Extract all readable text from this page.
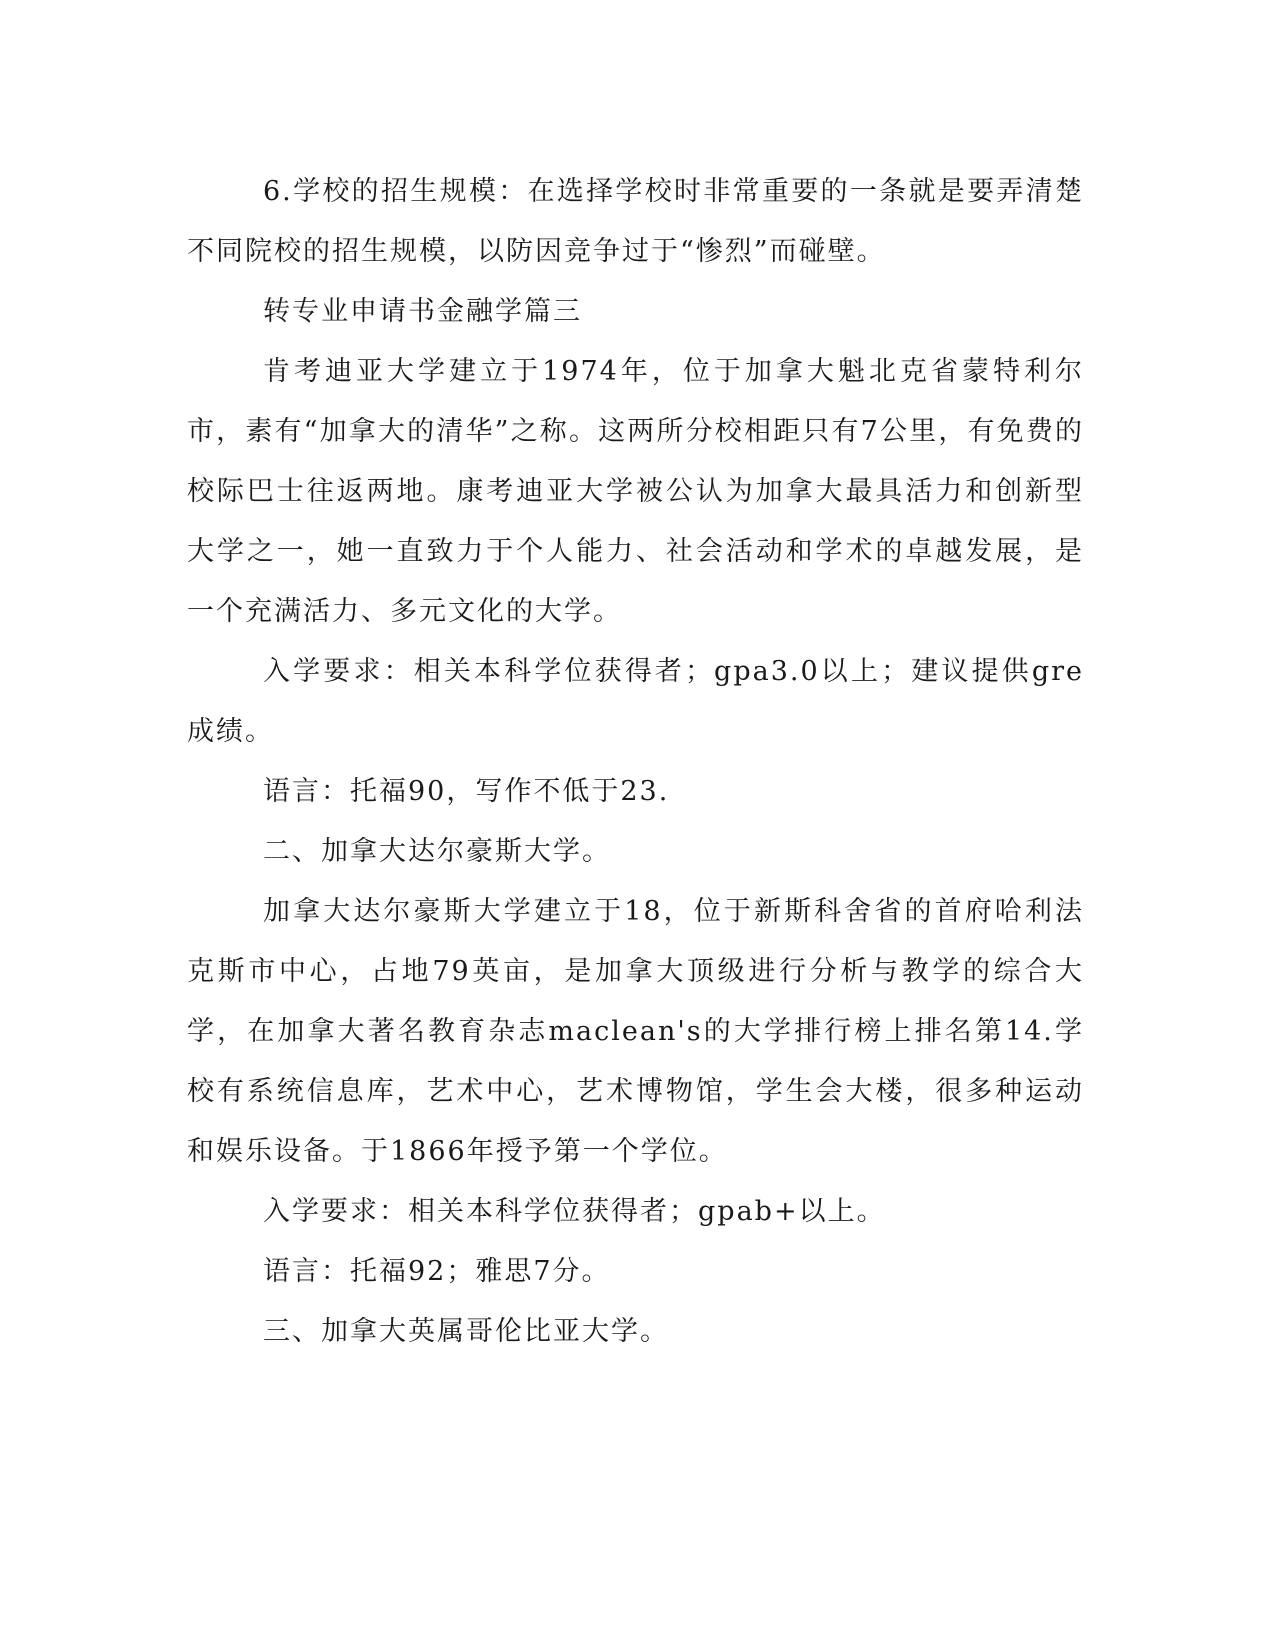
6.学校的招生规模：在选择学校时非常重要的一条就是要弄清楚不同院校的招生规模，以防因竞争过于“惨烈”而碰壁。

转专业申请书金融学篇三

肯考迪亚大学建立于1974年，位于加拿大魁北克省蒙特利尔市，素有“加拿大的清华”之称。这两所分校相距只有7公里，有免费的校际巴士往返两地。康考迪亚大学被公认为加拿大最具活力和创新型大学之一，她一直致力于个人能力、社会活动和学术的卓越发展，是一个充满活力、多元文化的大学。

入学要求：相关本科学位获得者；gpa3.0以上；建议提供gre成绩。

语言：托福90，写作不低于23.

二、加拿大达尔豪斯大学。

加拿大达尔豪斯大学建立于18，位于新斯科舍省的首府哈利法克斯市中心，占地79英亩，是加拿大顶级进行分析与教学的综合大学，在加拿大著名教育杂志maclean's的大学排行榜上排名第14.学校有系统信息库，艺术中心，艺术博物馆，学生会大楼，很多种运动和娱乐设备。于1866年授予第一个学位。

入学要求：相关本科学位获得者；gpab+以上。

语言：托福92；雅思7分。

三、加拿大英属哥伦比亚大学。
